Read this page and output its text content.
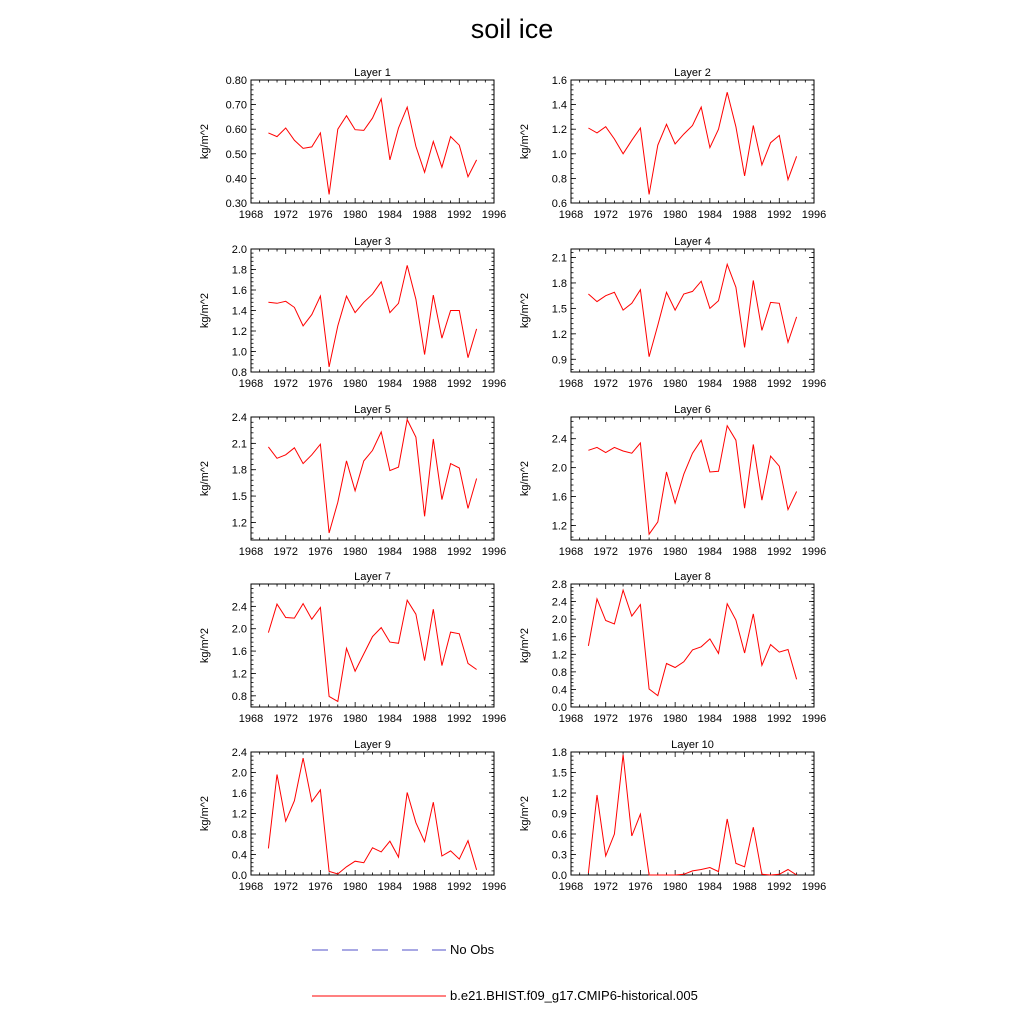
soil ice
Layer 1
1968 1972 1976 1980 1984 1988 1992 1996
0.30
0.40
0.50
0.60
0.70
0.80
kg/m^2
Layer 2
1968 1972 1976 1980 1984 1988 1992 1996
0.6
0.8
1.0
1.2
1.4
1.6
kg/m^2
Layer 3
1968 1972 1976 1980 1984 1988 1992 1996
0.8
1.0
1.2
1.4
1.6
1.8
2.0
kg/m^2
Layer 4
1968 1972 1976 1980 1984 1988 1992 1996
0.9
1.2
1.5
1.8
2.1
kg/m^2
Layer 5
1968 1972 1976 1980 1984 1988 1992 1996
1.2
1.5
1.8
2.1
2.4
kg/m^2
Layer 6
1968 1972 1976 1980 1984 1988 1992 1996
1.2
1.6
2.0
2.4
kg/m^2
Layer 7
1968 1972 1976 1980 1984 1988 1992 1996
0.8
1.2
1.6
2.0
2.4
kg/m^2
Layer 8
1968 1972 1976 1980 1984 1988 1992 1996
0.0
0.4
0.8
1.2
1.6
2.0
2.4
2.8
kg/m^2
Layer 9
1968 1972 1976 1980 1984 1988 1992 1996
0.0
0.4
0.8
1.2
1.6
2.0
2.4
kg/m^2
Layer 10
1968 1972 1976 1980 1984 1988 1992 1996
0.0
0.3
0.6
0.9
1.2
1.5
1.8
kg/m^2
No Obs
b.e21.BHIST.f09_g17.CMIP6-historical.005
